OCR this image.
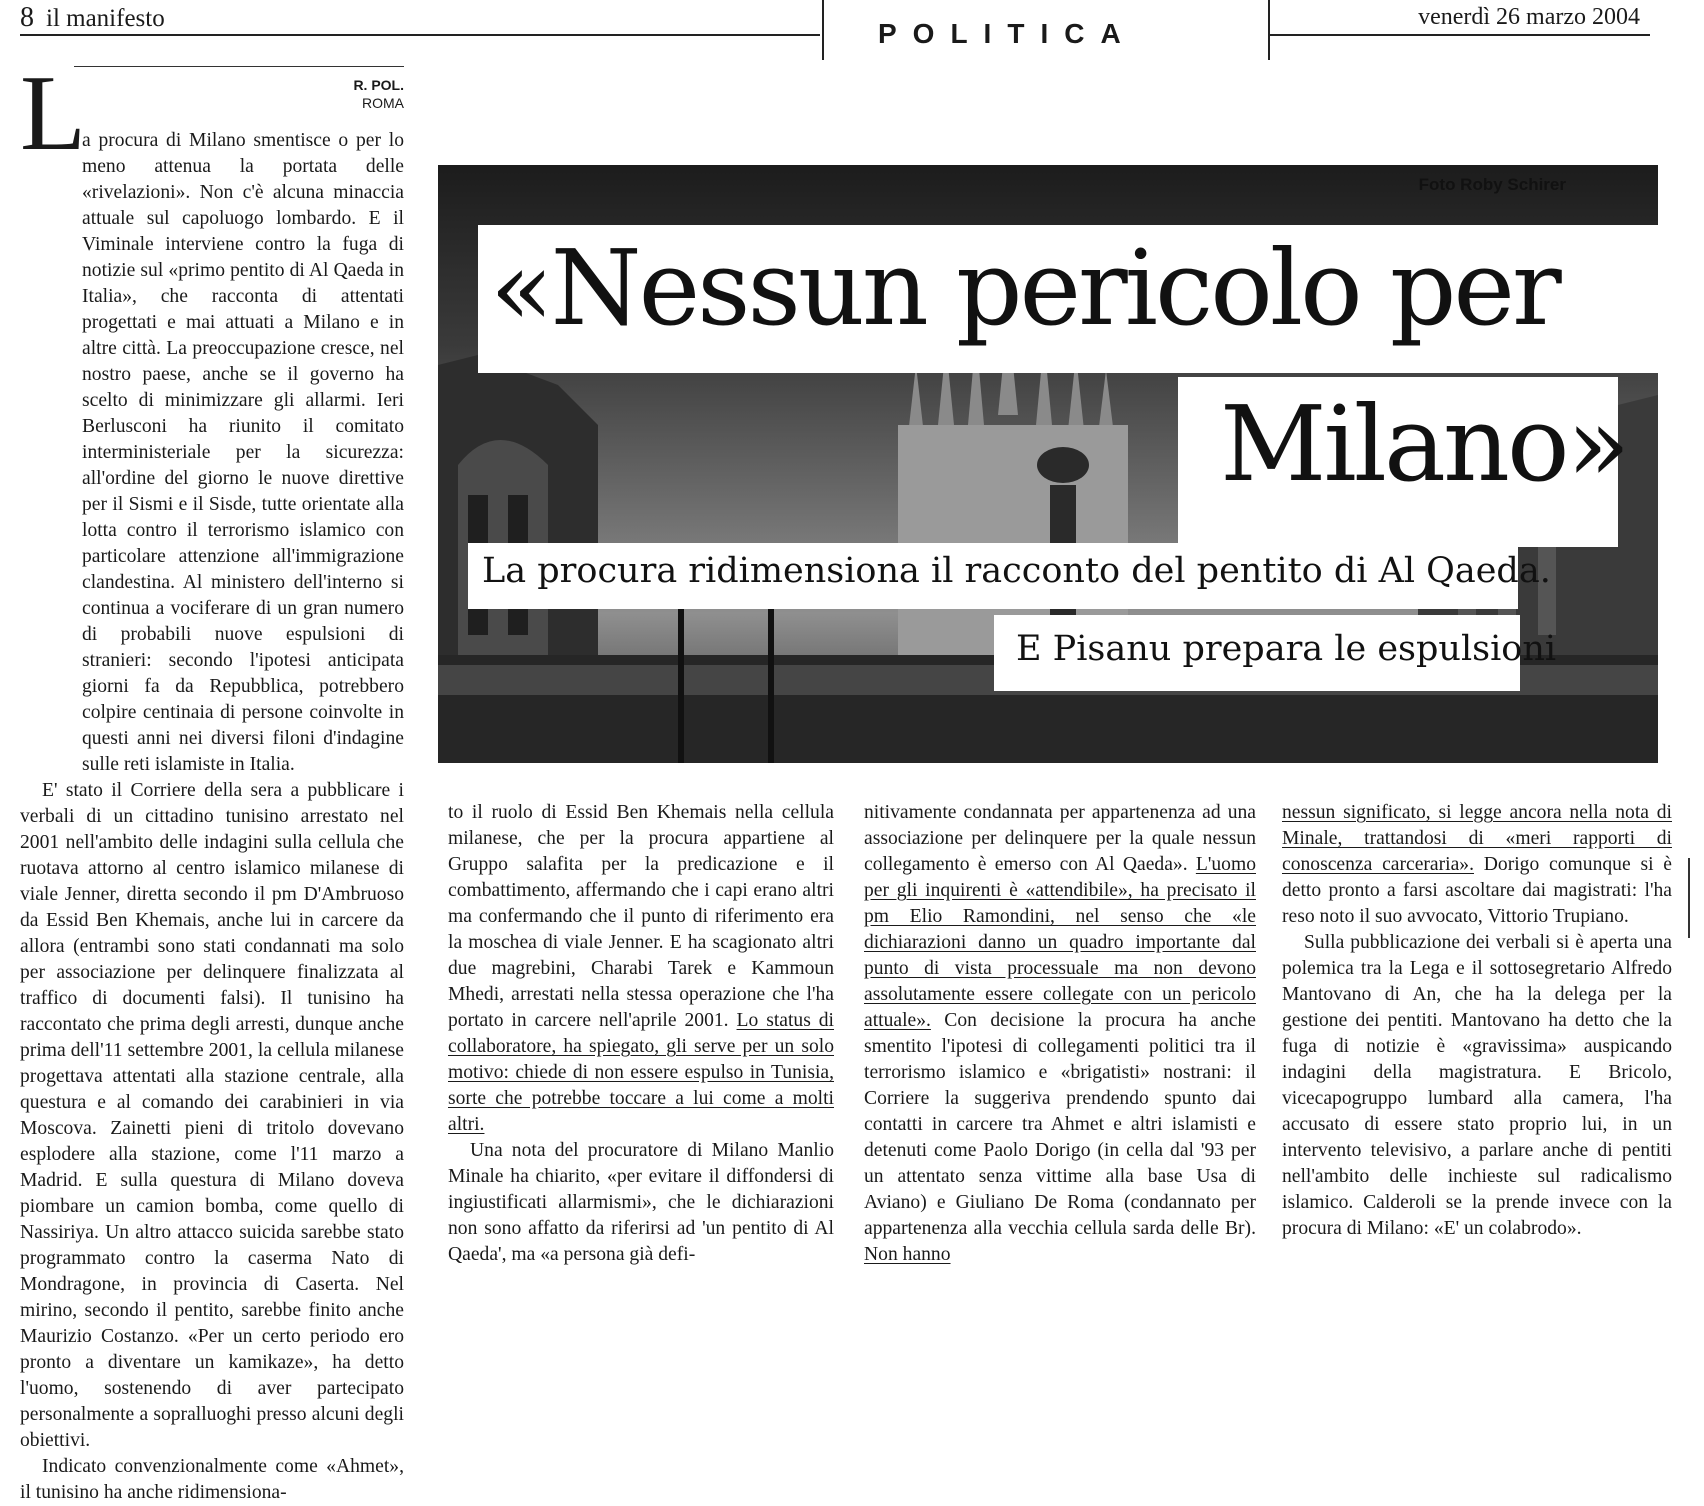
8 il manifesto	POLITICA
venerdì 26 marzo 2004
R. POL.
ROMA
L

a procura di Milano smentisce o per lo meno attenua la portata delle «rivelazioni». Non c'è alcuna minaccia attuale sul capoluogo lombardo. E il Viminale interviene contro la fuga di notizie sul «primo pentito di Al Qaeda in Italia», che racconta di attentati progettati e mai attuati a Milano e in altre città. La preoccupazione cresce, nel nostro paese, anche se il governo ha scelto di minimizzare gli allarmi. Ieri Berlusconi ha riunito il comitato interministeriale per la sicurezza: all'ordine del giorno le nuove direttive per il Sismi e il Sisde, tutte orientate alla lotta contro il terrorismo islamico con particolare attenzione all'immigrazione clandestina. Al ministero dell'interno si continua a vociferare di un gran numero di probabili nuove espulsioni di stranieri: secondo l'ipotesi anticipata giorni fa da Repubblica, potrebbero colpire centinaia di persone coinvolte in questi anni nei diversi filoni d'indagine sulle reti islamiste in Italia.

E' stato il Corriere della sera a pubblicare i verbali di un cittadino tunisino arrestato nel 2001 nell'ambito delle indagini sulla cellula che ruotava attorno al centro islamico milanese di viale Jenner, diretta secondo il pm D'Ambruoso da Essid Ben Khemais, anche lui in carcere da allora (entrambi sono stati condannati ma solo per associazione per delinquere finalizzata al traffico di documenti falsi). Il tunisino ha raccontato che prima degli arresti, dunque anche prima dell'11 settembre 2001, la cellula milanese progettava attentati alla stazione centrale, alla questura e al comando dei carabinieri in via Moscova. Zainetti pieni di tritolo dovevano esplodere alla stazione, come l'11 marzo a Madrid. E sulla questura di Milano doveva piombare un camion bomba, come quello di Nassiriya. Un altro attacco suicida sarebbe stato programmato contro la caserma Nato di Mondragone, in provincia di Caserta. Nel mirino, secondo il pentito, sarebbe finito anche Maurizio Costanzo. «Per un certo periodo ero pronto a diventare un kamikaze», ha detto l'uomo, sostenendo di aver partecipato personalmente a sopralluoghi presso alcuni degli obiettivi.

Indicato convenzionalmente come «Ahmet», il tunisino ha anche ridimensiona-

Foto Roby Schirer
«Nessun pericolo per
Milano»
La procura ridimensiona il racconto del pentito di Al Qaeda.
E Pisanu prepara le espulsioni

to il ruolo di Essid Ben Khemais nella cellula milanese, che per la procura appartiene al Gruppo salafita per la predicazione e il combattimento, affermando che i capi erano altri ma confermando che il punto di riferimento era la moschea di viale Jenner. E ha scagionato altri due magrebini, Charabi Tarek e Kammoun Mhedi, arrestati nella stessa operazione che l'ha portato in carcere nell'aprile 2001. Lo status di collaboratore, ha spiegato, gli serve per un solo motivo: chiede di non essere espulso in Tunisia, sorte che potrebbe toccare a lui come a molti altri.

Una nota del procuratore di Milano Manlio Minale ha chiarito, «per evitare il diffondersi di ingiustificati allarmismi», che le dichiarazioni non sono affatto da riferirsi ad 'un pentito di Al Qaeda', ma «a persona già defi-

nitivamente condannata per appartenenza ad una associazione per delinquere per la quale nessun collegamento è emerso con Al Qaeda». L'uomo per gli inquirenti è «attendibile», ha precisato il pm Elio Ramondini, nel senso che «le dichiarazioni danno un quadro importante dal punto di vista processuale ma non devono assolutamente essere collegate con un pericolo attuale». Con decisione la procura ha anche smentito l'ipotesi di collegamenti politici tra il terrorismo islamico e «brigatisti» nostrani: il Corriere la suggeriva prendendo spunto dai contatti in carcere tra Ahmet e altri islamisti e detenuti come Paolo Dorigo (in cella dal '93 per un attentato senza vittime alla base Usa di Aviano) e Giuliano De Roma (condannato per appartenenza alla vecchia cellula sarda delle Br). Non hanno

nessun significato, si legge ancora nella nota di Minale, trattandosi di «meri rapporti di conoscenza carceraria». Dorigo comunque si è detto pronto a farsi ascoltare dai magistrati: l'ha reso noto il suo avvocato, Vittorio Trupiano.

Sulla pubblicazione dei verbali si è aperta una polemica tra la Lega e il sottosegretario Alfredo Mantovano di An, che ha la delega per la gestione dei pentiti. Mantovano ha detto che la fuga di notizie è «gravissima» auspicando indagini della magistratura. E Bricolo, vicecapogruppo lumbard alla camera, l'ha accusato di essere stato proprio lui, in un intervento televisivo, a parlare anche di pentiti nell'ambito delle inchieste sul radicalismo islamico. Calderoli se la prende invece con la procura di Milano: «E' un colabrodo».
